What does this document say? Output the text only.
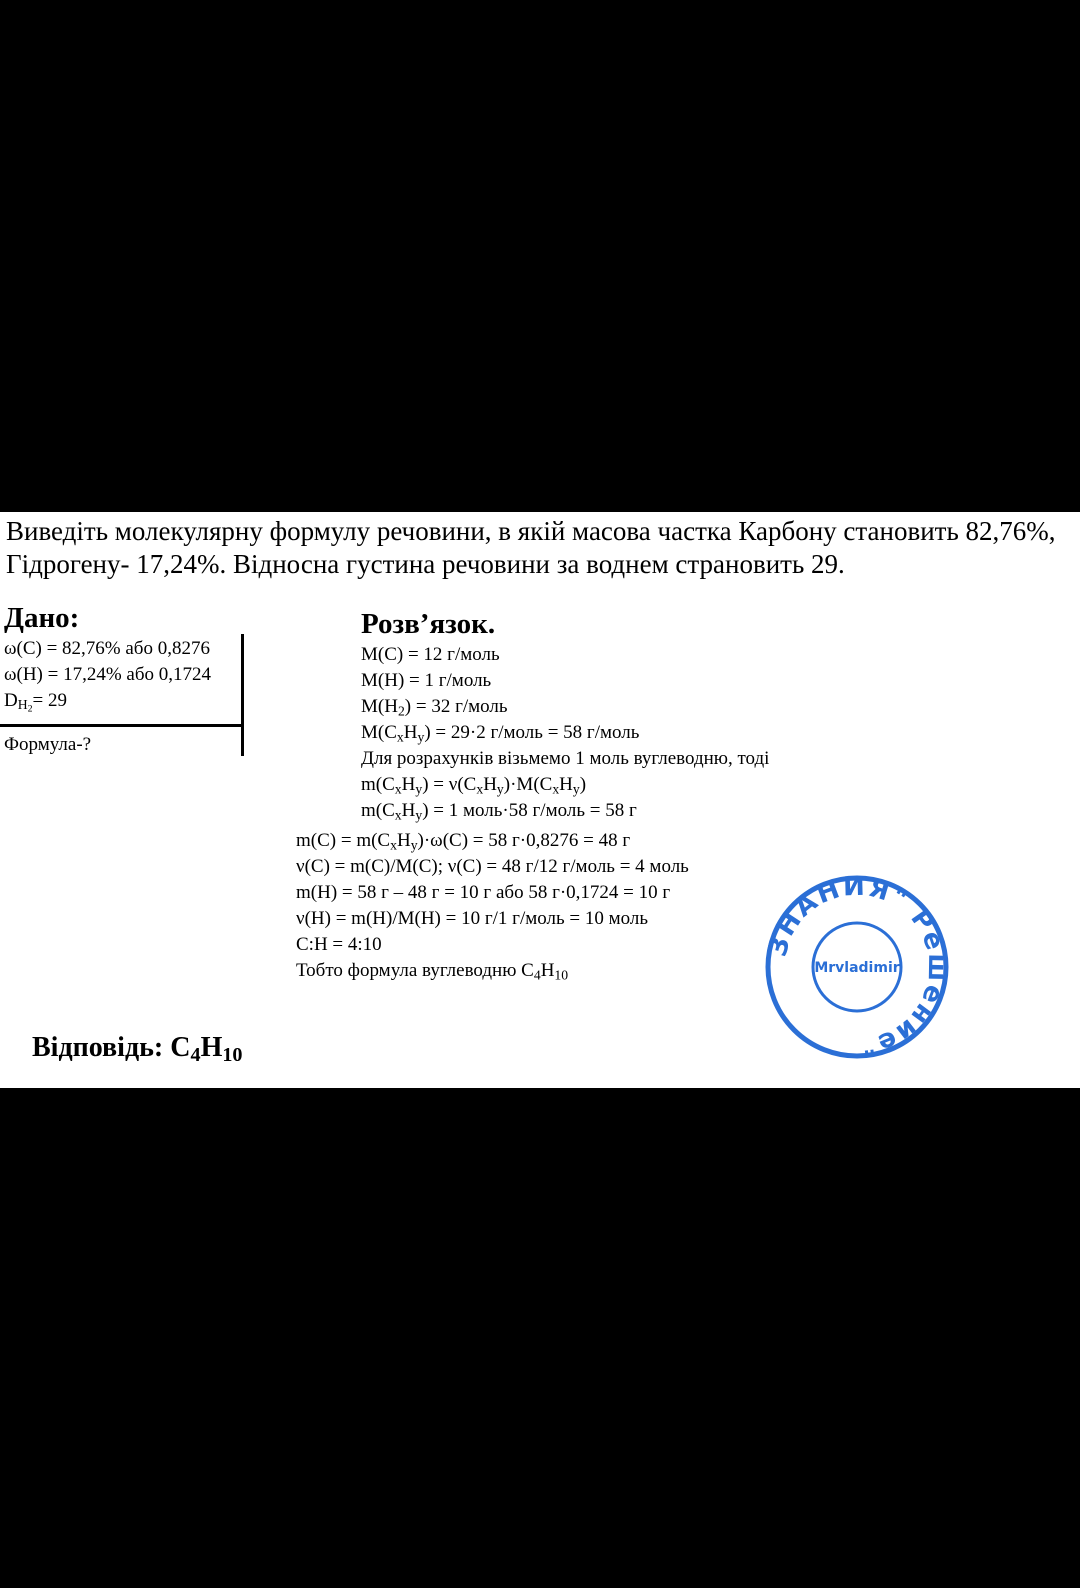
Виведіть молекулярну формулу речовини, в якій масова частка Карбону становить 82,76%,
Гідрогену- 17,24%. Відносна густина речовини за воднем страновить 29.
Дано:
ω(С) = 82,76% або 0,8276
ω(Н) = 17,24% або 0,1724
$D_{H_2}= 29$
Формула-?
Розв’язок.
М(С) = 12 г/моль
М(Н) = 1 г/моль
$М(Н_2) = 32$ г/моль
$М(С_хН_у) = 29\cdot 2$ г/моль = 58 г/моль
Для розрахунків візьмемо 1 моль вуглеводню, тоді
$m(C_xH_y) = \nu(C_xH_y)\cdot M(C_xH_y)$
$m(C_xH_y) = 1$ моль·58 г/моль = 58 г
$m(C) = m(C_xH_y)\cdot\omega(C) = 58$ г·0,8276 = 48 г
ν(C) = m(C)/M(C); ν(C) = 48 г/12 г/моль = 4 моль
m(H) = 58 г – 48 г = 10 г або 58 г·0,1724 = 10 г
ν(H) = m(H)/M(H) = 10 г/1 г/моль = 10 моль
C:H = 4:10
Тобто формула вуглеводню $C_4H_{10}$
Відповідь: $C_4H_{10}$
ЗНАНИЯ" Решение"
Mrvladimir
